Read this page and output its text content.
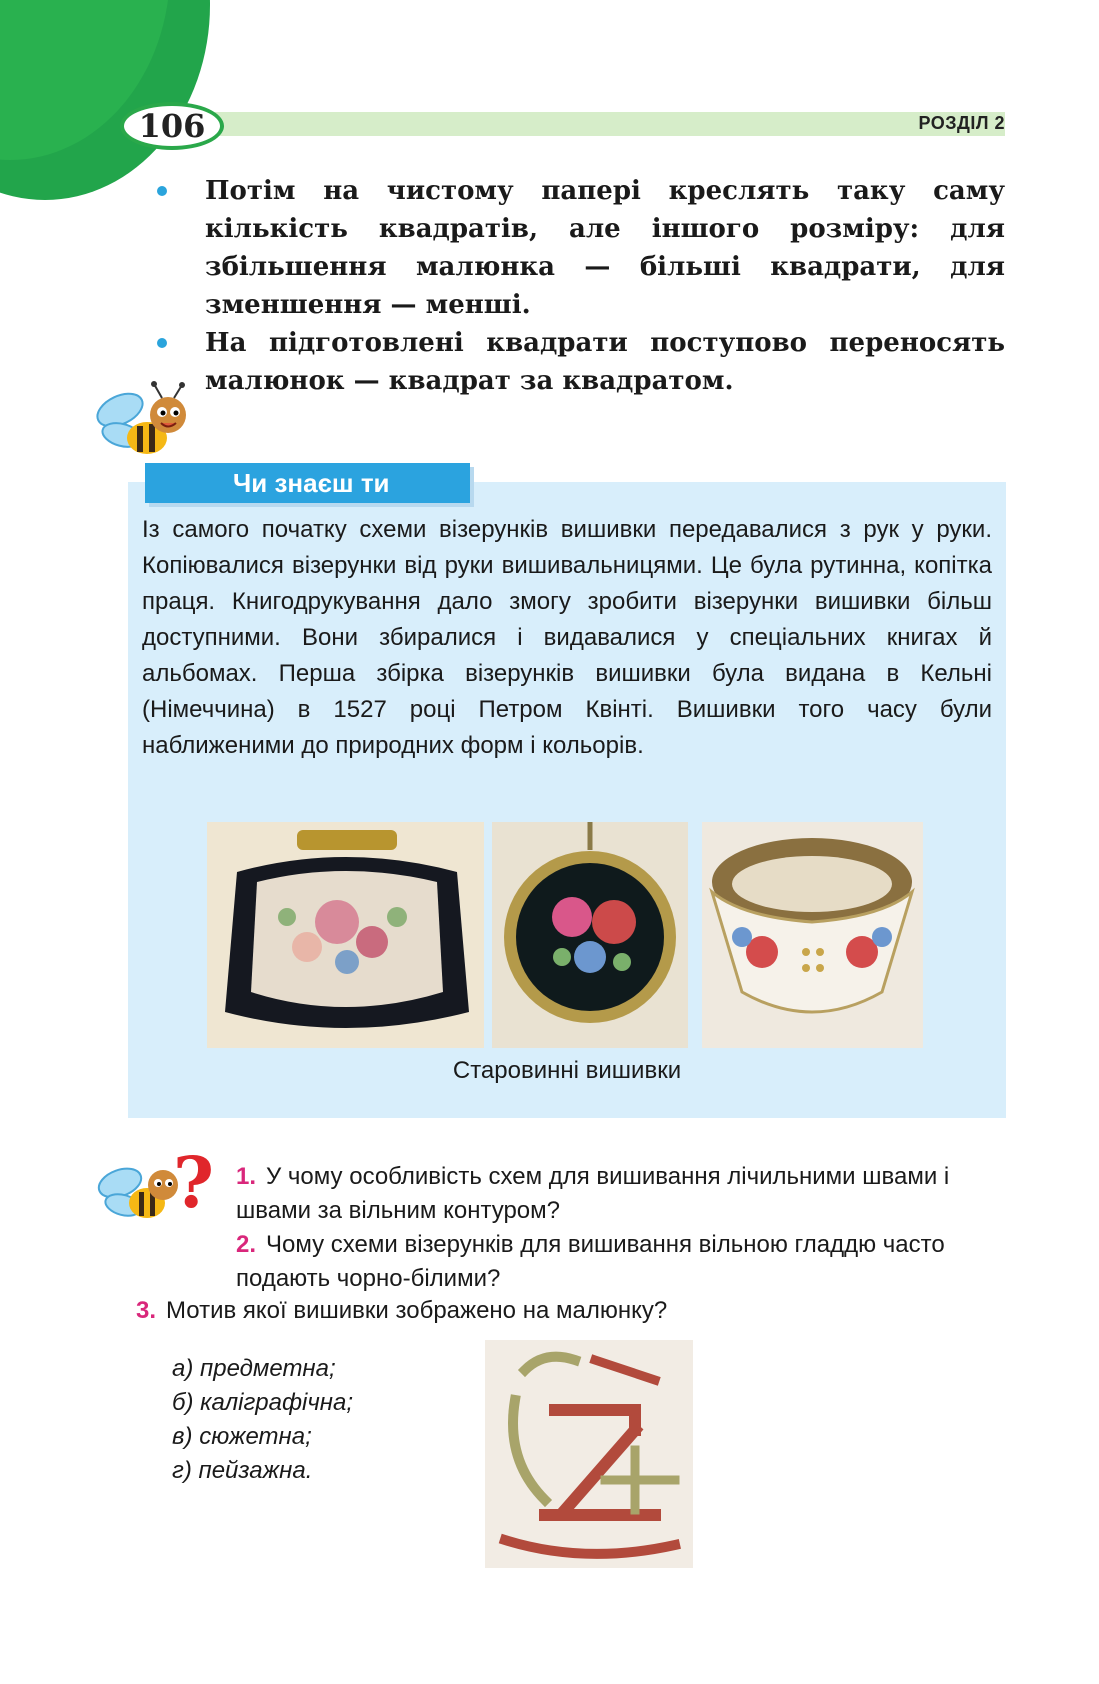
106	РОЗДІЛ 2
Потім на чистому папері креслять таку саму кількість квадратів, але іншого розміру: для збільшення малюнка — більші квадрати, для зменшення — менші.
На підготовлені квадрати поступово переносять малюнок — квадрат за квадратом.
Чи знаєш ти

Із самого початку схеми візерунків вишивки передавалися з рук у руки. Копіювалися візерунки від руки вишивальницями. Це була рутинна, копітка праця. Книгодрукування дало змогу зробити візерунки вишивки більш доступними. Вони збиралися і видавалися у спеціальних книгах й альбомах. Перша збірка візерунків вишивки була видана в Кельні (Німеччина) в 1527 році Петром Квінті. Вишивки того часу були наближеними до природних форм і кольорів.

Старовинні вишивки
? 1. У чому особливість схем для вишивання лічильними швами і швами за вільним контуром?
2. Чому схеми візерунків для вишивання вільною гладдю часто подають чорно-білими?
3. Мотив якої вишивки зображено на малюнку?
а) предметна;
б) каліграфічна;
в) сюжетна;
г) пейзажна.
